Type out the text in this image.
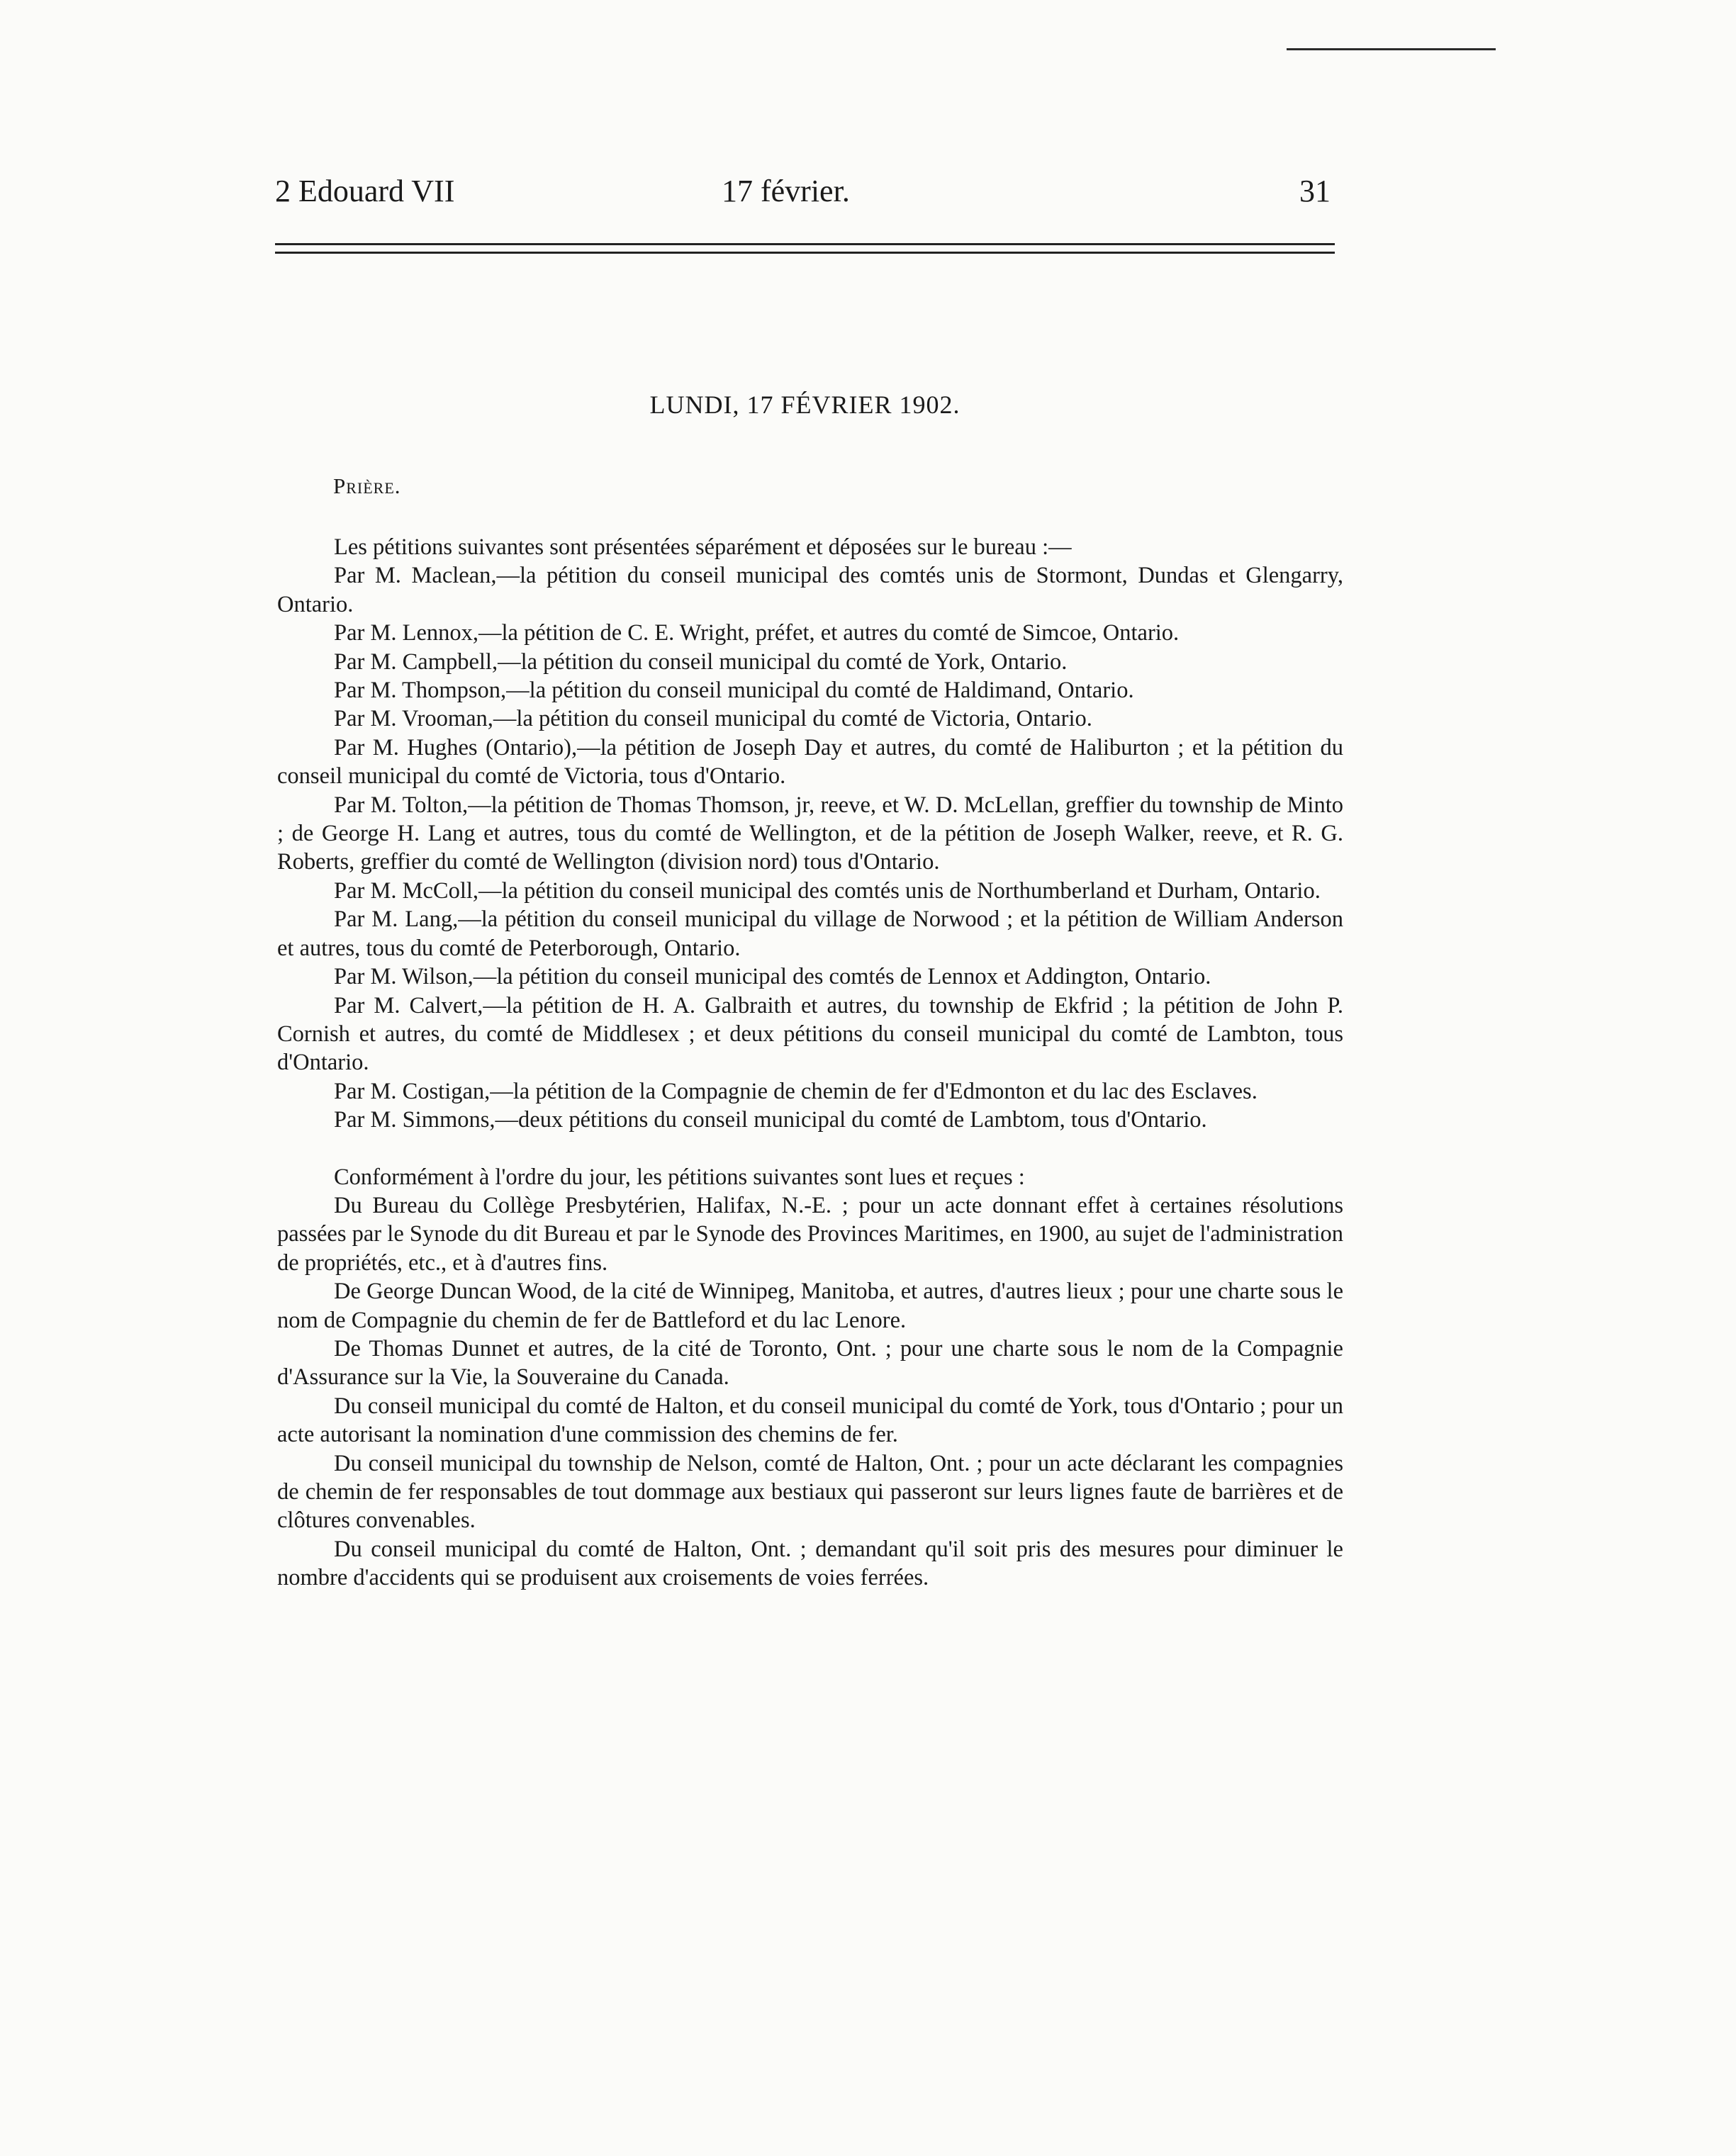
2 Edouard VII	17 février.	31
LUNDI, 17 FÉVRIER 1902.
Prière.

Les pétitions suivantes sont présentées séparément et déposées sur le bureau :—

Par M. Maclean,—la pétition du conseil municipal des comtés unis de Stormont, Dundas et Glengarry, Ontario.

Par M. Lennox,—la pétition de C. E. Wright, préfet, et autres du comté de Simcoe, Ontario.

Par M. Campbell,—la pétition du conseil municipal du comté de York, Ontario.

Par M. Thompson,—la pétition du conseil municipal du comté de Haldimand, Ontario.

Par M. Vrooman,—la pétition du conseil municipal du comté de Victoria, Ontario.

Par M. Hughes (Ontario),—la pétition de Joseph Day et autres, du comté de Haliburton ; et la pétition du conseil municipal du comté de Victoria, tous d'Ontario.

Par M. Tolton,—la pétition de Thomas Thomson, jr, reeve, et W. D. McLellan, greffier du township de Minto ; de George H. Lang et autres, tous du comté de Wellington, et de la pétition de Joseph Walker, reeve, et R. G. Roberts, greffier du comté de Wellington (division nord) tous d'Ontario.

Par M. McColl,—la pétition du conseil municipal des comtés unis de Northumberland et Durham, Ontario.

Par M. Lang,—la pétition du conseil municipal du village de Norwood ; et la pétition de William Anderson et autres, tous du comté de Peterborough, Ontario.

Par M. Wilson,—la pétition du conseil municipal des comtés de Lennox et Addington, Ontario.

Par M. Calvert,—la pétition de H. A. Galbraith et autres, du township de Ekfrid ; la pétition de John P. Cornish et autres, du comté de Middlesex ; et deux pétitions du conseil municipal du comté de Lambton, tous d'Ontario.

Par M. Costigan,—la pétition de la Compagnie de chemin de fer d'Edmonton et du lac des Esclaves.

Par M. Simmons,—deux pétitions du conseil municipal du comté de Lambtom, tous d'Ontario.

Conformément à l'ordre du jour, les pétitions suivantes sont lues et reçues :

Du Bureau du Collège Presbytérien, Halifax, N.-E. ; pour un acte donnant effet à certaines résolutions passées par le Synode du dit Bureau et par le Synode des Provinces Maritimes, en 1900, au sujet de l'administration de propriétés, etc., et à d'autres fins.

De George Duncan Wood, de la cité de Winnipeg, Manitoba, et autres, d'autres lieux ; pour une charte sous le nom de Compagnie du chemin de fer de Battleford et du lac Lenore.

De Thomas Dunnet et autres, de la cité de Toronto, Ont. ; pour une charte sous le nom de la Compagnie d'Assurance sur la Vie, la Souveraine du Canada.

Du conseil municipal du comté de Halton, et du conseil municipal du comté de York, tous d'Ontario ; pour un acte autorisant la nomination d'une commission des chemins de fer.

Du conseil municipal du township de Nelson, comté de Halton, Ont. ; pour un acte déclarant les compagnies de chemin de fer responsables de tout dommage aux bestiaux qui passeront sur leurs lignes faute de barrières et de clôtures convenables.

Du conseil municipal du comté de Halton, Ont. ; demandant qu'il soit pris des mesures pour diminuer le nombre d'accidents qui se produisent aux croisements de voies ferrées.
